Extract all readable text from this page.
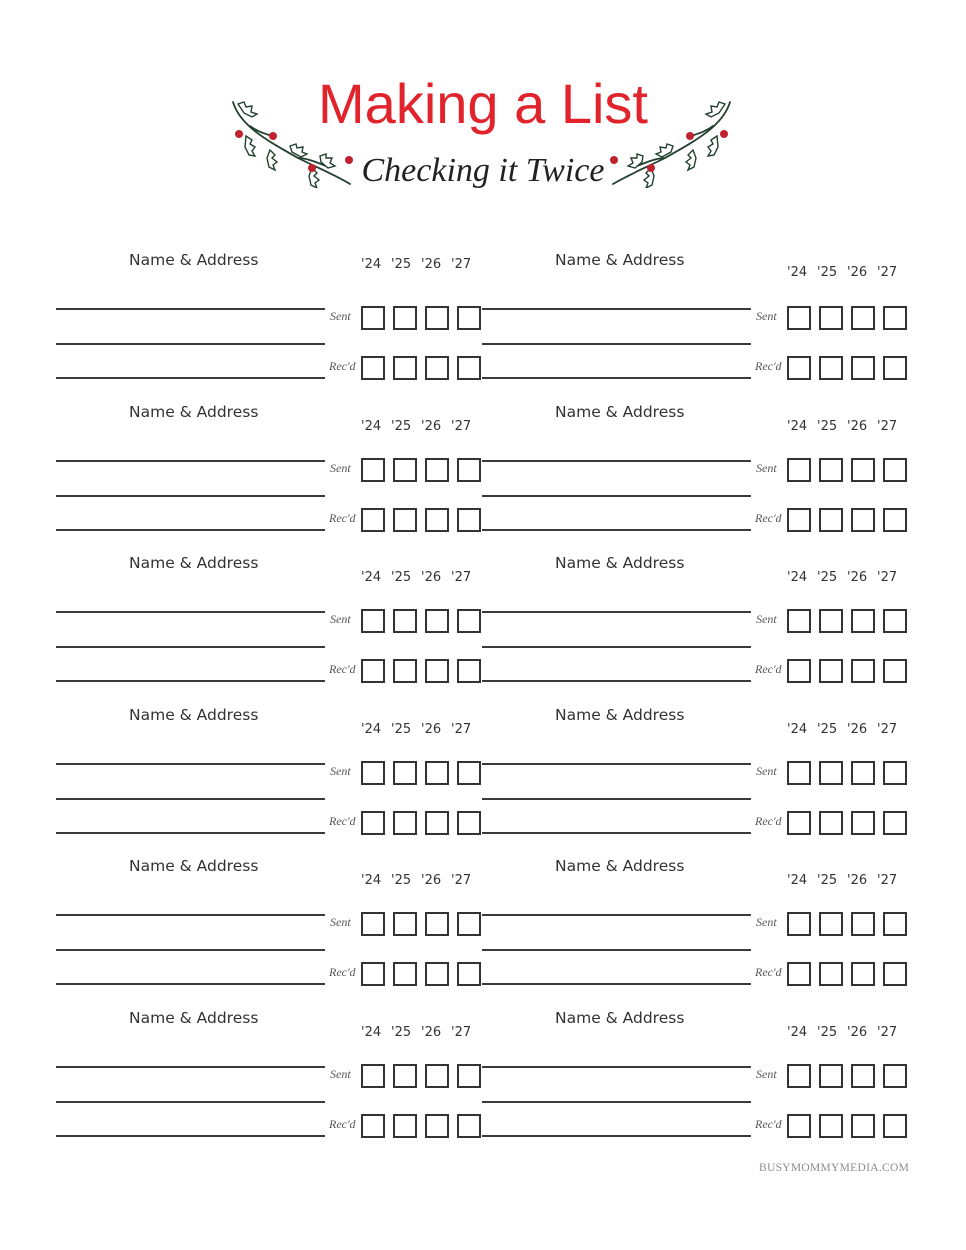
Making a List
Checking it Twice
Name & Address	'24 '25 '26 '27
Sent
Rec'd
Name & Address
'24 '25 '26 '27
Sent
Rec'd
Name & Address
'24 '25 '26 '27
Sent
Rec'd
Name & Address
'24 '25 '26 '27
Sent
Rec'd
Name & Address
'24 '25 '26 '27
Sent
Rec'd
Name & Address
'24 '25 '26 '27
Sent
Rec'd
Name & Address
'24 '25 '26 '27
Sent
Rec'd
Name & Address
'24 '25 '26 '27
Sent
Rec'd
Name & Address
'24 '25 '26 '27
Sent
Rec'd
Name & Address
'24 '25 '26 '27
Sent
Rec'd
Name & Address
'24 '25 '26 '27
Sent
Rec'd
Name & Address
'24 '25 '26 '27
Sent
Rec'd
BUSYMOMMYMEDIA.COM
